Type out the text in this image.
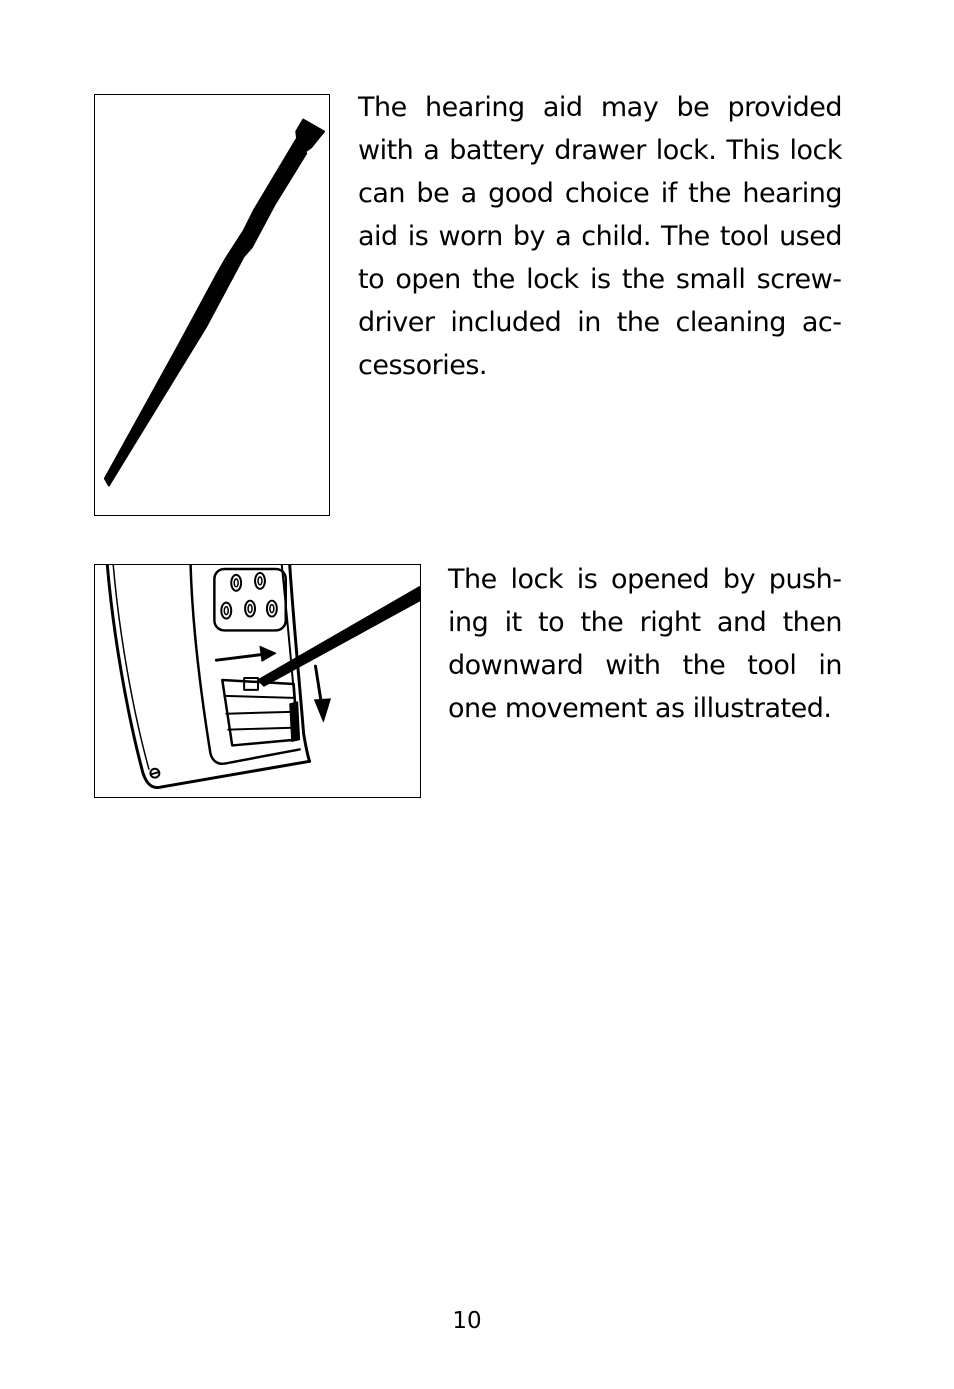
The hearing aid may be provided with a battery drawer lock. This lock can be a good choice if the hearing aid is worn by a child. The tool used to open the lock is the small screwdriver included in the cleaning accessories.

The lock is opened by pushing it to the right and then downward with the tool in one movement as illustrated.

10
